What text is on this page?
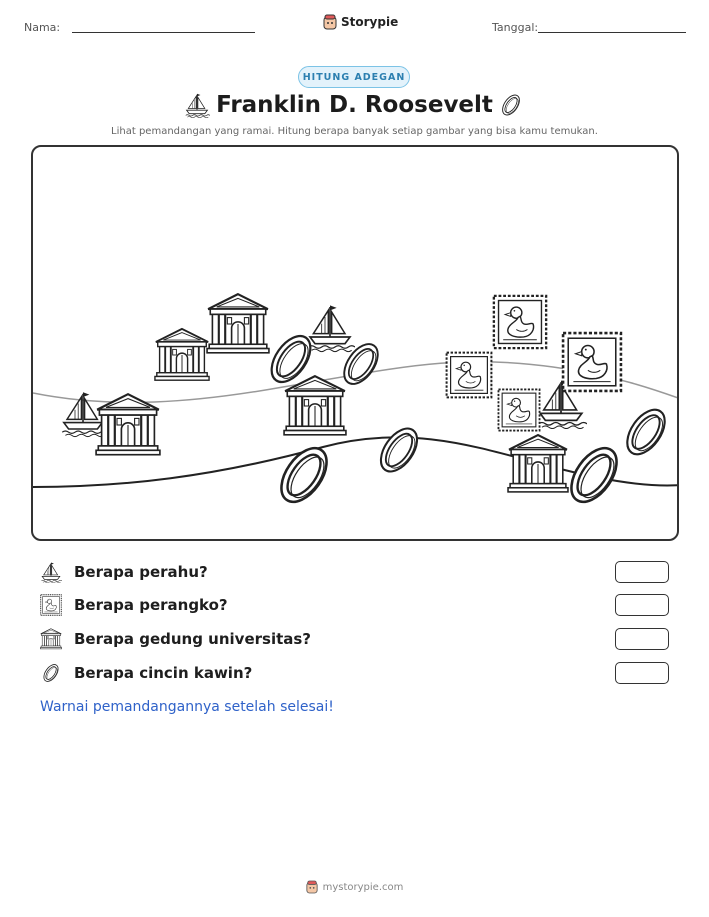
Nama:	Storypie	Tanggal:
HITUNG ADEGAN
Franklin D. Roosevelt
Lihat pemandangan yang ramai. Hitung berapa banyak setiap gambar yang bisa kamu temukan.
Berapa perahu?
Berapa perangko?
Berapa gedung universitas?
Berapa cincin kawin?
Warnai pemandangannya setelah selesai!
mystorypie.com
